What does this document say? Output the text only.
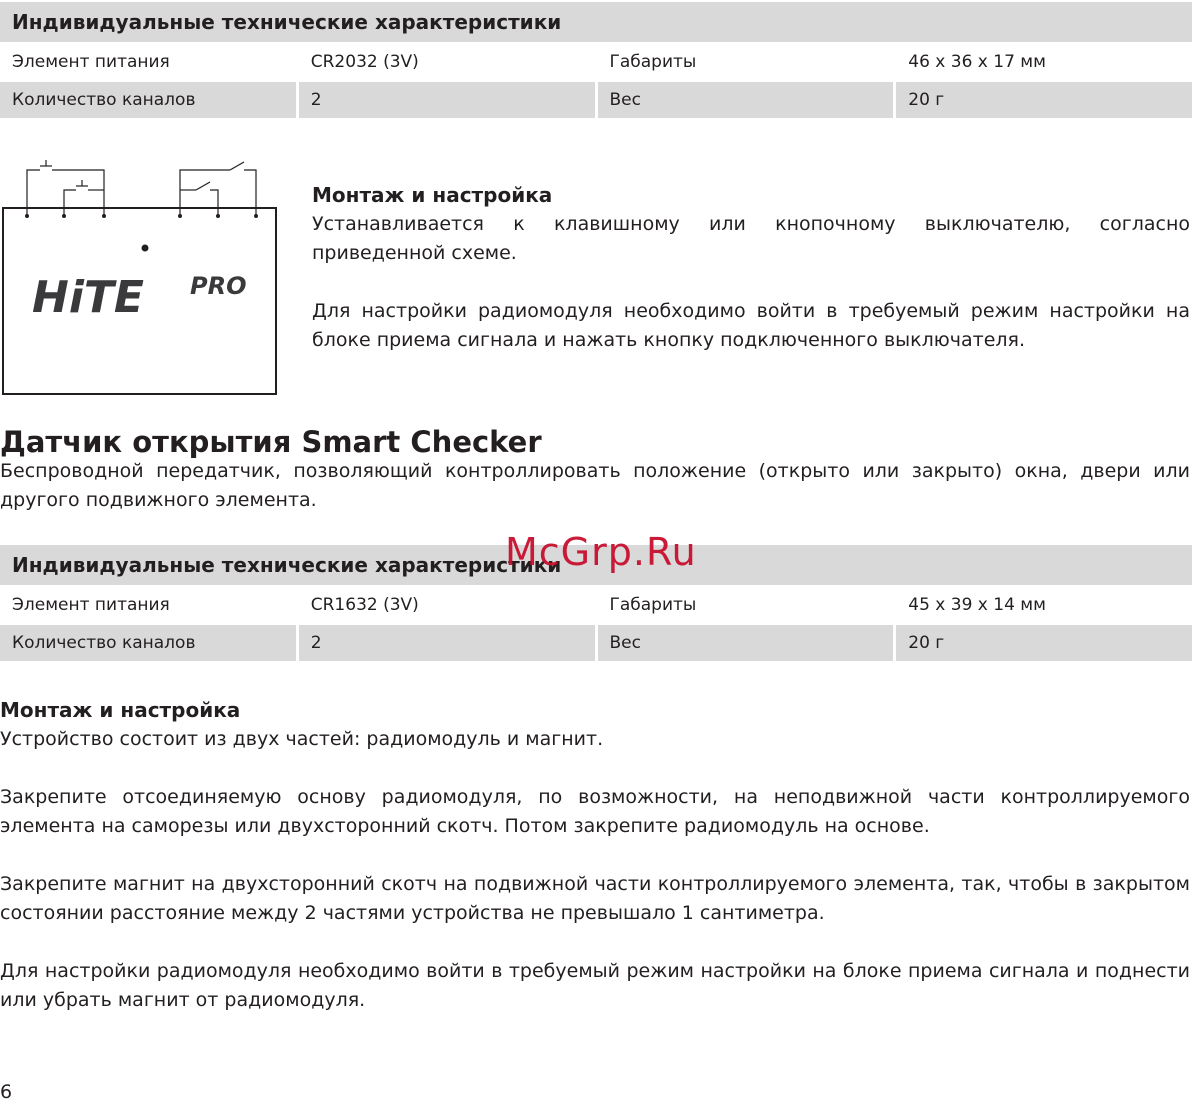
Индивидуальные технические характеристики
Элемент питания	CR2032 (3V)	Габариты	46 x 36 x 17 мм
Количество каналов	2	Вес	20 г
HiTE PRO
Монтаж и настройка
Устанавливается к клавишному или кнопочному выключателю, согласно приведенной схеме.
Для настройки радиомодуля необходимо войти в требуемый режим настройки на блоке приема сигнала и нажать кнопку подключенного выключателя.
Датчик открытия Smart Checker
Беспроводной передатчик, позволяющий контроллировать положение (открыто или закрыто) окна, двери или другого подвижного элемента.
Индивидуальные технические характеристики
Элемент питания	CR1632 (3V)	Габариты	45 x 39 x 14 мм
Количество каналов	2	Вес	20 г
McGrp.Ru
Монтаж и настройка
Устройство состоит из двух частей: радиомодуль и магнит.
Закрепите отсоединяемую основу радиомодуля, по возможности, на неподвижной части контроллируемого элемента на саморезы или двухсторонний скотч. Потом закрепите радиомодуль на основе.
Закрепите магнит на двухсторонний скотч на подвижной части контроллируемого элемента, так, чтобы в закрытом состоянии расстояние между 2 частями устройства не превышало 1 сантиметра.
Для настройки радиомодуля необходимо войти в требуемый режим настройки на блоке приема сигнала и поднести или убрать магнит от радиомодуля.
6
